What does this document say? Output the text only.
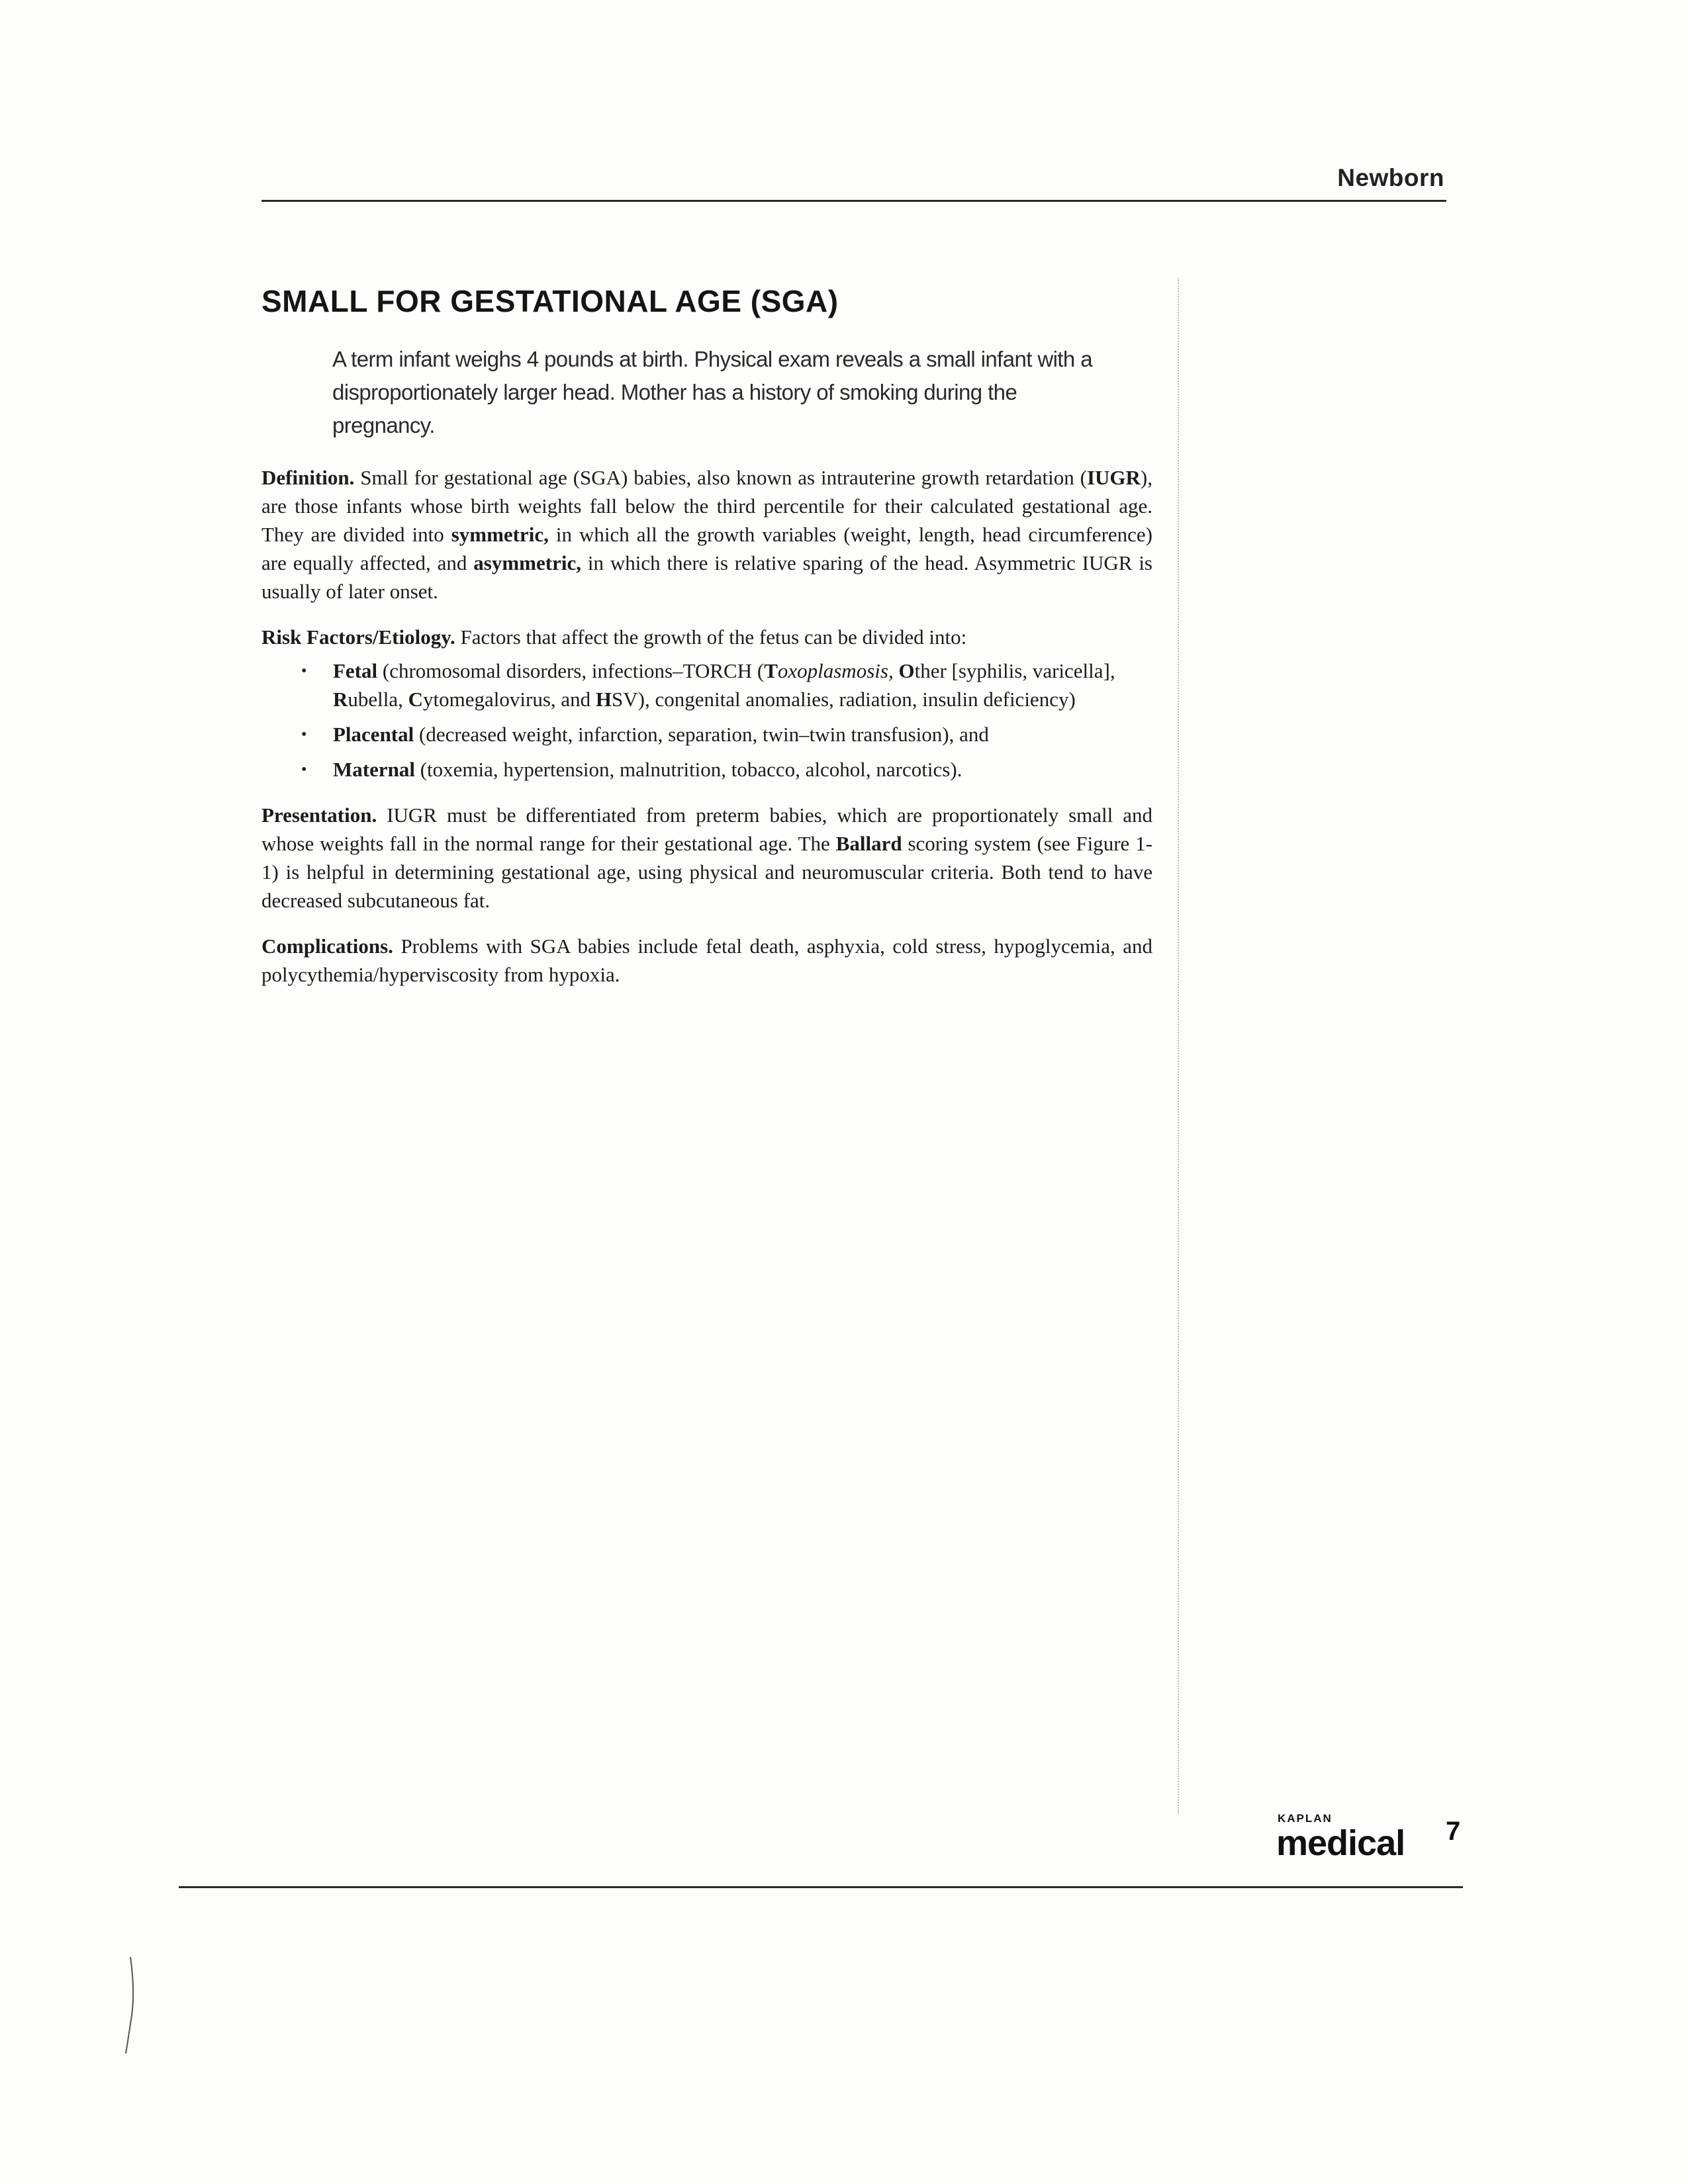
Newborn
SMALL FOR GESTATIONAL AGE (SGA)
A term infant weighs 4 pounds at birth. Physical exam reveals a small infant with a disproportionately larger head. Mother has a history of smoking during the pregnancy.

Definition. Small for gestational age (SGA) babies, also known as intrauterine growth retardation (IUGR), are those infants whose birth weights fall below the third percentile for their calculated gestational age. They are divided into symmetric, in which all the growth variables (weight, length, head circumference) are equally affected, and asymmetric, in which there is relative sparing of the head. Asymmetric IUGR is usually of later onset.

Risk Factors/Etiology. Factors that affect the growth of the fetus can be divided into:

• Fetal (chromosomal disorders, infections–TORCH (Toxoplasmosis, Other [syphilis, varicella], Rubella, Cytomegalovirus, and HSV), congenital anomalies, radiation, insulin deficiency)
• Placental (decreased weight, infarction, separation, twin–twin transfusion), and
• Maternal (toxemia, hypertension, malnutrition, tobacco, alcohol, narcotics).

Presentation. IUGR must be differentiated from preterm babies, which are proportionately small and whose weights fall in the normal range for their gestational age. The Ballard scoring system (see Figure 1-1) is helpful in determining gestational age, using physical and neuromuscular criteria. Both tend to have decreased subcutaneous fat.

Complications. Problems with SGA babies include fetal death, asphyxia, cold stress, hypoglycemia, and polycythemia/hyperviscosity from hypoxia.

KAPLAN
medical 7
